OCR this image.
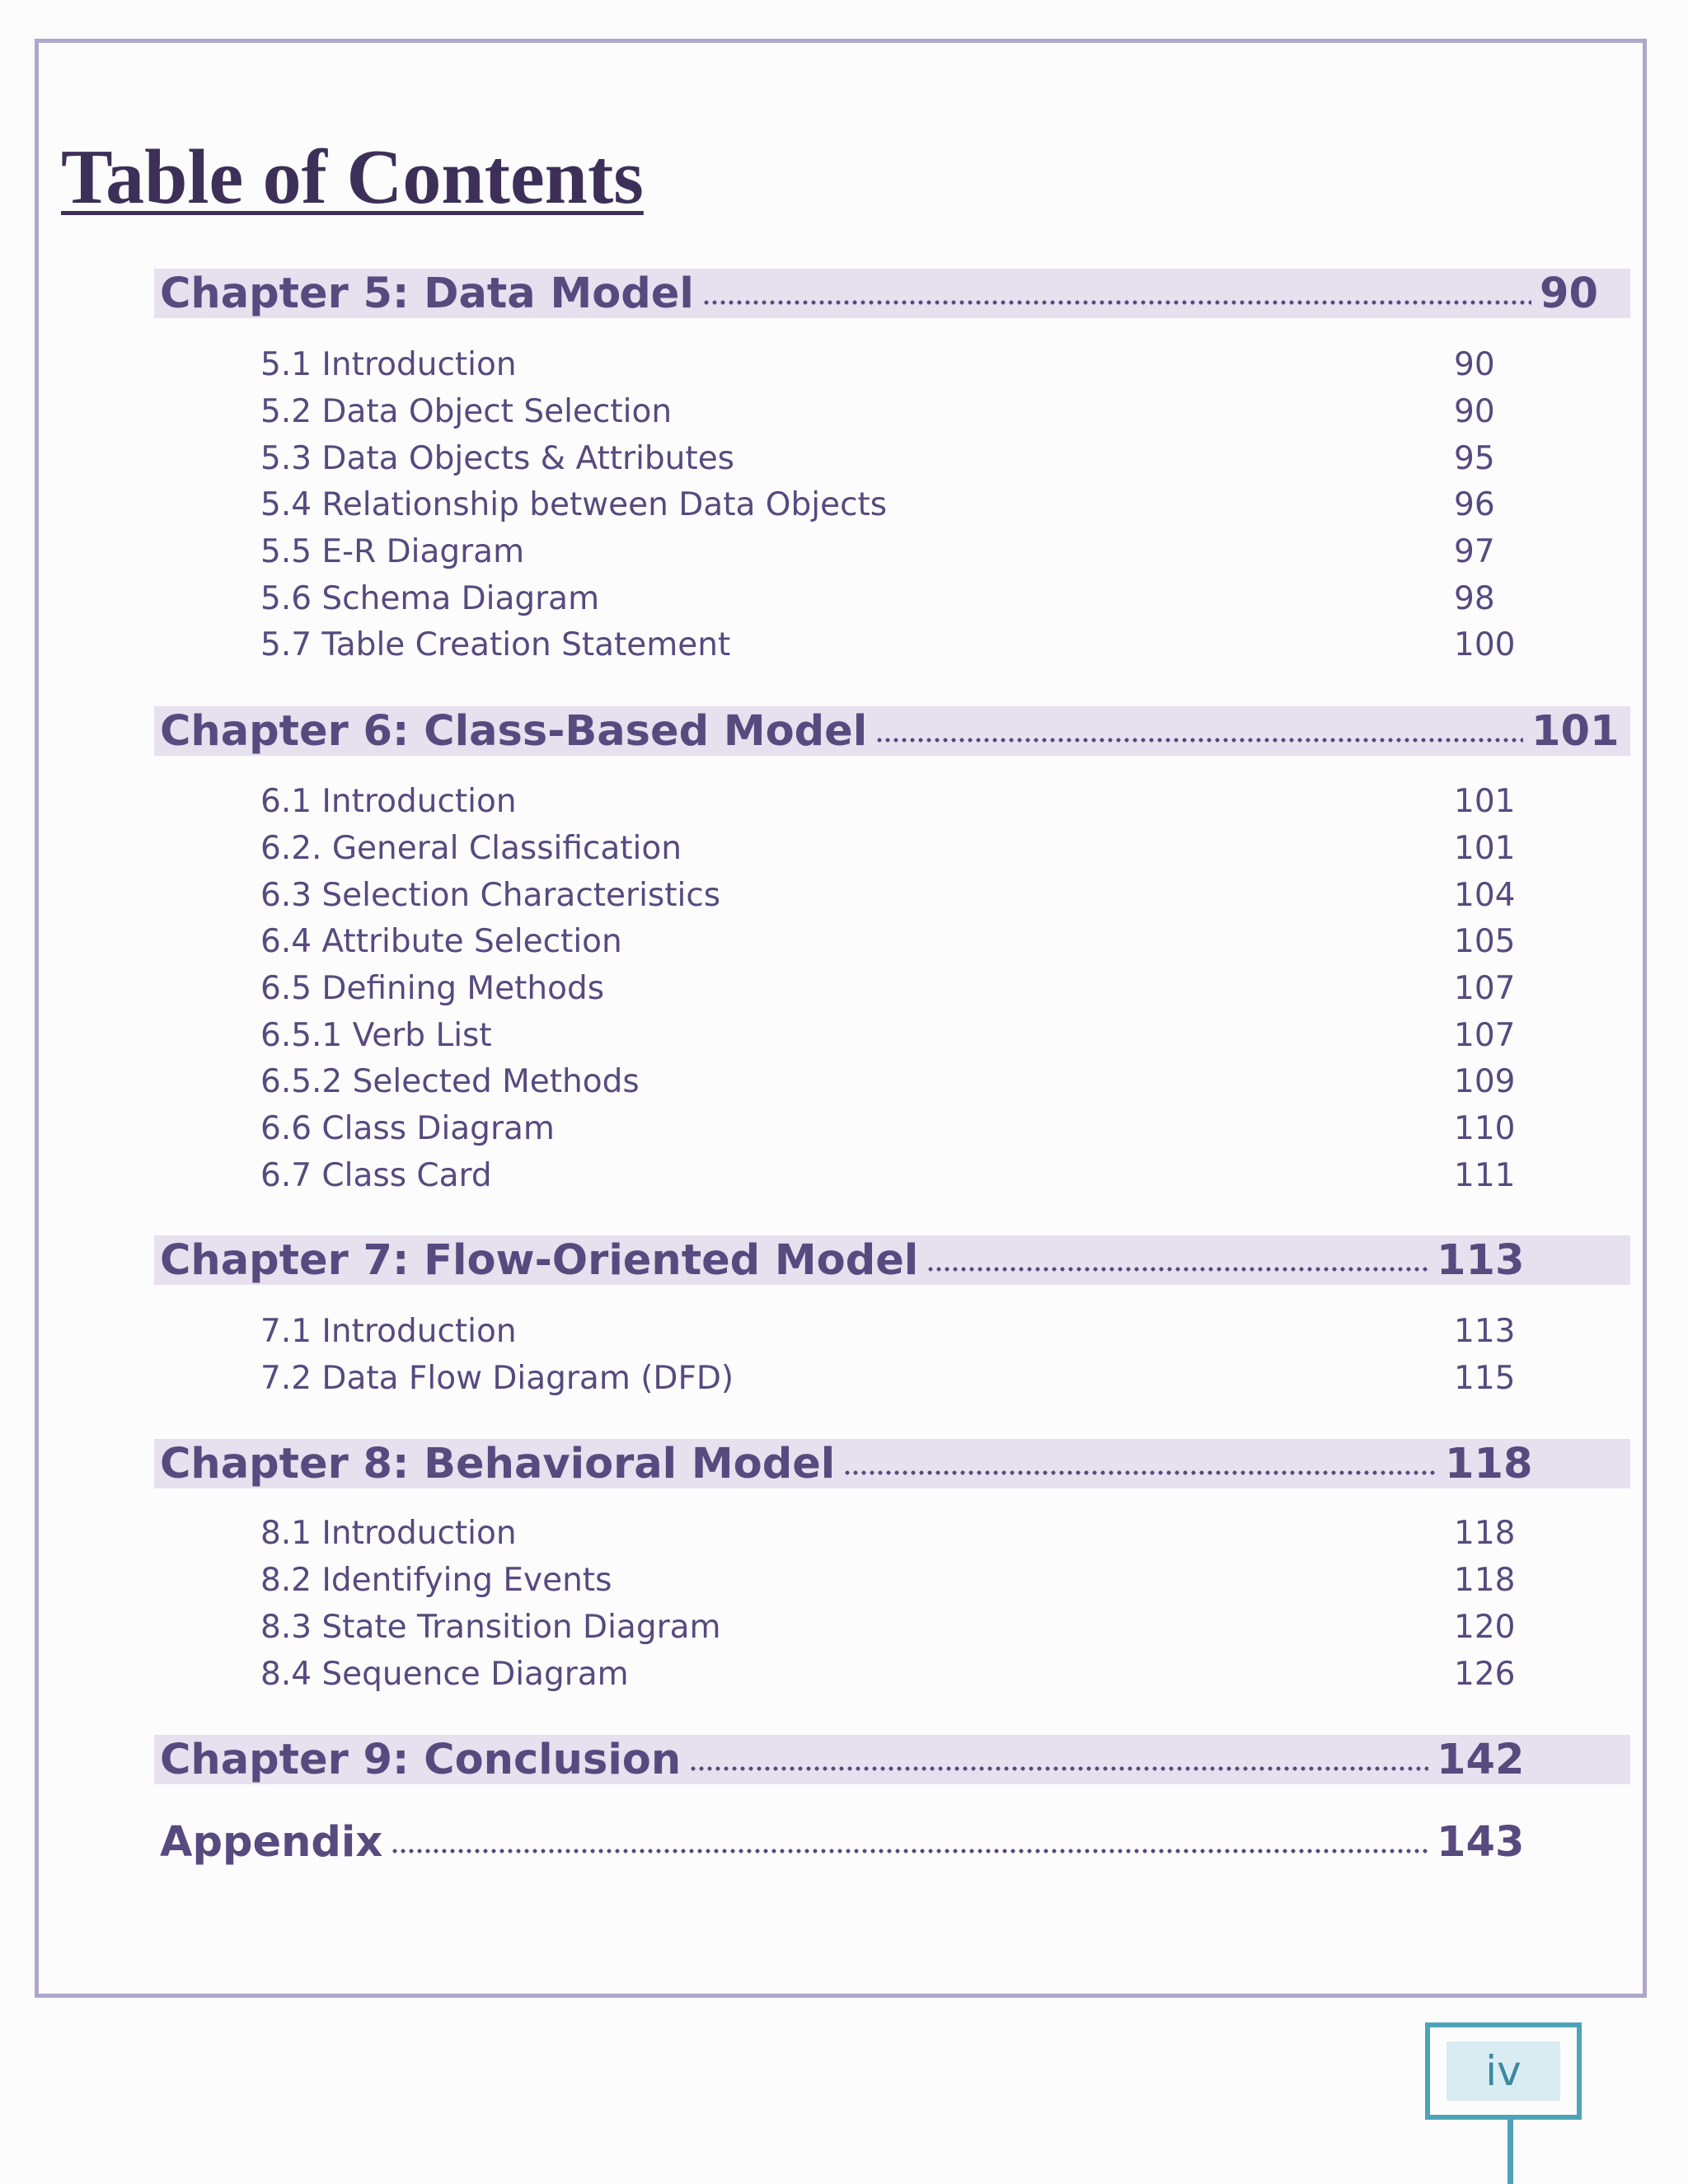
Table of Contents
Chapter 5: Data Model	90
5.1 Introduction	90
5.2 Data Object Selection	90
5.3 Data Objects & Attributes	95
5.4 Relationship between Data Objects	96
5.5 E-R Diagram	97
5.6 Schema Diagram	98
5.7 Table Creation Statement	100
Chapter 6: Class-Based Model	101
6.1 Introduction	101
6.2. General Classification	101
6.3 Selection Characteristics	104
6.4 Attribute Selection	105
6.5 Defining Methods	107
6.5.1 Verb List	107
6.5.2 Selected Methods	109
6.6 Class Diagram	110
6.7 Class Card	111
Chapter 7: Flow-Oriented Model	113
7.1 Introduction	113
7.2 Data Flow Diagram (DFD)	115
Chapter 8: Behavioral Model	118
8.1 Introduction	118
8.2 Identifying Events	118
8.3 State Transition Diagram	120
8.4 Sequence Diagram	126
Chapter 9: Conclusion	142
Appendix	143
iv
